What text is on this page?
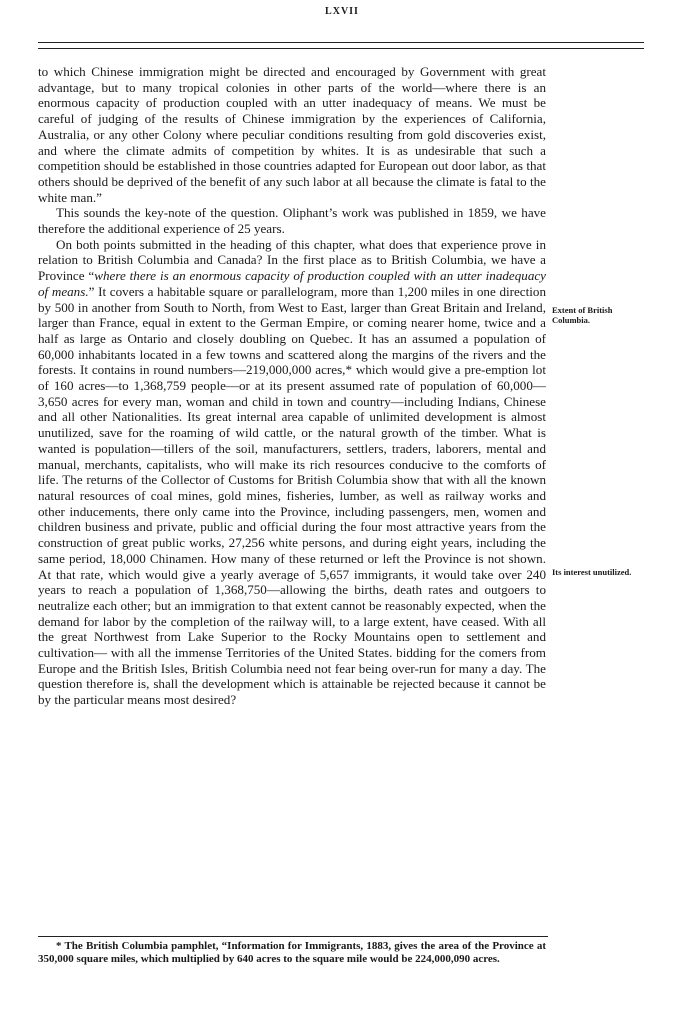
LXVII

to which Chinese immigration might be directed and encouraged by Government with great advantage, but to many tropical colonies in other parts of the world—where there is an enormous capacity of production coupled with an utter inadequacy of means. We must be careful of judging of the results of Chinese immigration by the experiences of California, Australia, or any other Colony where peculiar conditions resulting from gold discoveries exist, and where the climate admits of competition by whites. It is as undesirable that such a competition should be established in those countries adapted for European out door labor, as that others should be deprived of the benefit of any such labor at all because the climate is fatal to the white man.”

This sounds the key-note of the question. Oliphant’s work was published in 1859, we have therefore the additional experience of 25 years.

On both points submitted in the heading of this chapter, what does that experience prove in relation to British Columbia and Canada? In the first place as to British Columbia, we have a Province “where there is an enormous capacity of production coupled with an utter inadequacy of means.” It covers a habitable square or parallelogram, more than 1,200 miles in one direction by 500 in another from South to North, from West to East, larger than Great Britain and Ireland, larger than France, equal in extent to the German Empire, or coming nearer home, twice and a half as large as Ontario and closely doubling on Quebec. It has an assumed a population of 60,000 inhabitants located in a few towns and scattered along the margins of the rivers and the forests. It contains in round numbers—219,000,000 acres,* which would give a pre-emption lot of 160 acres—to 1,368,759 people—or at its present assumed rate of population of 60,000—3,650 acres for every man, woman and child in town and country—including Indians, Chinese and all other Nationalities. Its great internal area capable of unlimited development is almost unutilized, save for the roaming of wild cattle, or the natural growth of the timber. What is wanted is population—tillers of the soil, manufacturers, settlers, traders, laborers, mental and manual, merchants, capitalists, who will make its rich resources conducive to the comforts of life. The returns of the Collector of Customs for British Columbia show that with all the known natural resources of coal mines, gold mines, fisheries, lumber, as well as railway works and other inducements, there only came into the Province, including passengers, men, women and children business and private, public and official during the four most attractive years from the construction of great public works, 27,256 white persons, and during eight years, including the same period, 18,000 Chinamen. How many of these returned or left the Province is not shown. At that rate, which would give a yearly average of 5,657 immigrants, it would take over 240 years to reach a population of 1,368,750—allowing the births, death rates and outgoers to neutralize each other; but an immigration to that extent cannot be reasonably expected, when the demand for labor by the completion of the railway will, to a large extent, have ceased. With all the great Northwest from Lake Superior to the Rocky Mountains open to settlement and cultivation— with all the immense Territories of the United States. bidding for the comers from Europe and the British Isles, British Columbia need not fear being over-run for many a day. The question therefore is, shall the development which is attainable be rejected because it cannot be by the particular means most desired?

Extent of British Columbia.
Its interest unutilized.
* The British Columbia pamphlet, “Information for Immigrants, 1883, gives the area of the Province at 350,000 square miles, which multiplied by 640 acres to the square mile would be 224,000,090 acres.
